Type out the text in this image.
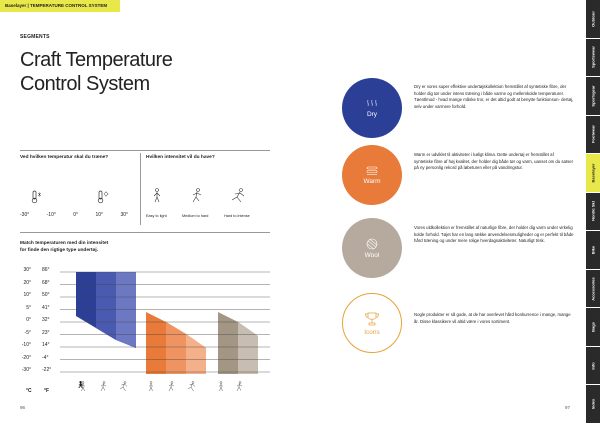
Baselayer | TEMPERATURE CONTROL SYSTEM
SEGMENTS
Craft Temperature
Control System
Ved hvilken temperatur skal du træne?	Hvilken intensitet vil du have?
-30°	-10°	0°	10°	30°	Easy to light	Medium to hard	Hard to intense
Match temperaturen med din intensitet
for finde den rigtige type undertøj.
30°
20°
10°
5°
0°
-5°
-10°
-20°
-30°
86°
68°
50°
41°
32°
23°
14°
-4°
-22°
°C °F
🚶︎
96
Dry
Warm
Wool
Icons
Dry er vores super effektive undertøjskollektion fremstillet af syntetiske fibre, der holder dig tør under intens træning i både varme og mellemkolde temperaturer. Tøentlmod - hvad mange måske tror, er det altid godt at benytte funktionsun- dertøj, selv under varmere forhold.
Warm er udviklet til aktiviteter i køligt klima. Dette undertøj er fremstillet af syntetiske fibre af høj kvalitet, der holder dig både tør og varm, uanset om du satser på ny personlig rekord på løbeturen eller på vandringstur.
Vores uldkollektion er fremstillet af naturlige fibre, der holder dig varm under virkelig kolde forhold. Tøjet har en lang række anvendelsesmuligheder og er perfekt til både hård træning og under mere rolige hverdagsaktiviteter. Naturligt trisk.
Nogle produkter er så gode, at de har overlevet hård konkurrence i mange, mange år. Disse klassikere vil altid være i vores sortiment.
97
Outdoor
Sportswear
Sportsgear
Footwear
Baselayer
Nordic Ski
Bike
Accessories
Bags
Info
Index
